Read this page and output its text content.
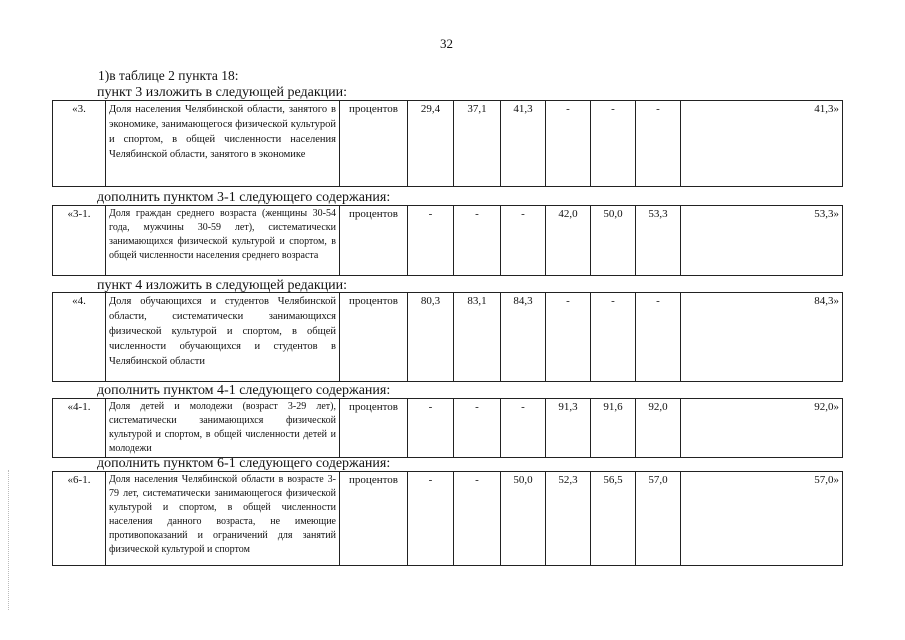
32
1)в таблице 2 пункта 18:
пункт 3 изложить в следующей редакции:
«3.	Доля населения Челябинской области, занятого в экономике, занимающегося физической культурой и спортом, в общей численности населения Челябинской области, занятого в экономике	процентов	29,4	37,1	41,3	-	-	-	41,3»
дополнить пунктом 3-1 следующего содержания:
«3-1.	Доля граждан среднего возраста (женщины 30-54 года, мужчины 30-59 лет), систематически занимающихся физической культурой и спортом, в общей численности населения среднего возраста	процентов	-	-	-	42,0	50,0	53,3	53,3»
пункт 4 изложить в следующей редакции:
«4.	Доля обучающихся и студентов Челябинской области, систематически занимающихся физической культурой и спортом, в общей численности обучающихся и студентов в Челябинской области	процентов	80,3	83,1	84,3	-	-	-	84,3»
дополнить пунктом 4-1 следующего содержания:
«4-1.	Доля детей и молодежи (возраст 3-29 лет), систематически занимающихся физической культурой и спортом, в общей численности детей и молодежи	процентов	-	-	-	91,3	91,6	92,0	92,0»
дополнить пунктом 6-1 следующего содержания:
«6-1.	Доля населения Челябинской области в возрасте 3-79 лет, систематически занимающегося физической культурой и спортом, в общей численности населения данного возраста, не имеющие противопоказаний и ограничений для занятий физической культурой и спортом	процентов	-	-	50,0	52,3	56,5	57,0	57,0»
